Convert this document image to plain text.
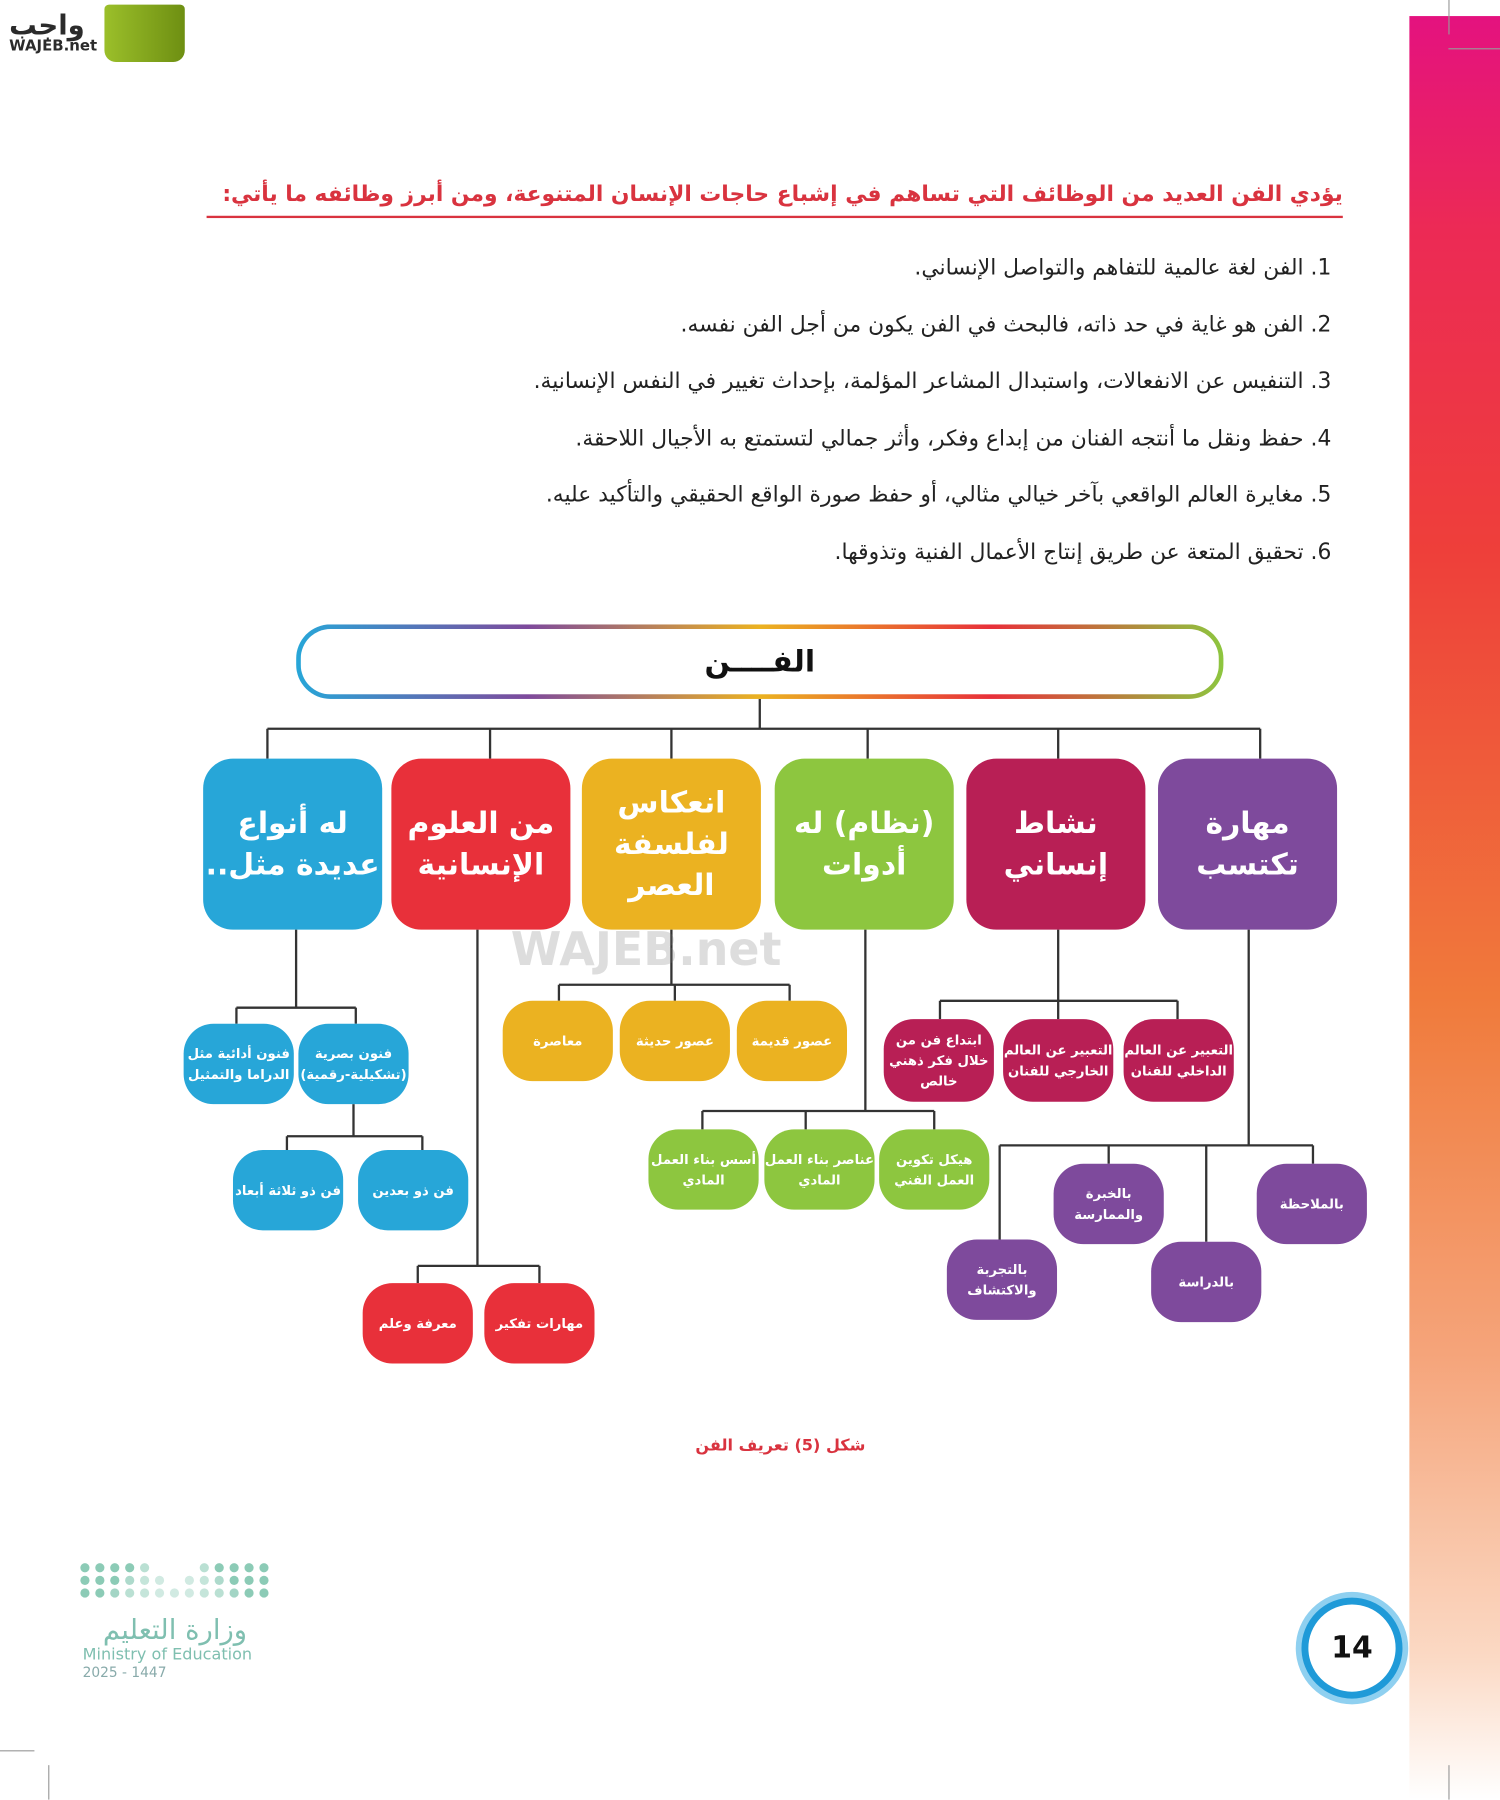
واجب
WAJEB.net
يؤدي الفن العديد من الوظائف التي تساهم في إشباع حاجات الإنسان المتنوعة، ومن أبرز وظائفه ما يأتي:
1. الفن لغة عالمية للتفاهم والتواصل الإنساني.
2. الفن هو غاية في حد ذاته، فالبحث في الفن يكون من أجل الفن نفسه.
3. التنفيس عن الانفعالات، واستبدال المشاعر المؤلمة، بإحداث تغيير في النفس الإنسانية.
4. حفظ ونقل ما أنتجه الفنان من إبداع وفكر، وأثر جمالي لتستمتع به الأجيال اللاحقة.
5. مغايرة العالم الواقعي بآخر خيالي مثالي، أو حفظ صورة الواقع الحقيقي والتأكيد عليه.
6. تحقيق المتعة عن طريق إنتاج الأعمال الفنية وتذوقها.
الفــــن
مهارة تكتسب
نشاط إنساني
(نظام) له أدوات
انعكاس لفلسفة العصر
من العلوم الإنسانية
له أنواع عديدة مثل..
WAJEB.net
بالملاحظة
بالخبرة والممارسة
بالدراسة
بالتجربة والاكتشاف
التعبير عن العالم الداخلي للفنان
التعبير عن العالم الخارجي للفنان
ابتداع فن من خلال فكر ذهني خالص
هيكل تكوين العمل الفني
عناصر بناء العمل المادي
أسس بناء العمل المادي
عصور قديمة
عصور حديثة
معاصرة
مهارات تفكير
معرفة وعلم
فنون بصرية (تشكيلية-رقمية)
فنون أدائية مثل الدراما والتمثيل
فن ذو بعدين
فن ذو ثلاثة أبعاد
شكل (5) تعريف الفن
وزارة التعليم
Ministry of Education
2025 - 1447
14
